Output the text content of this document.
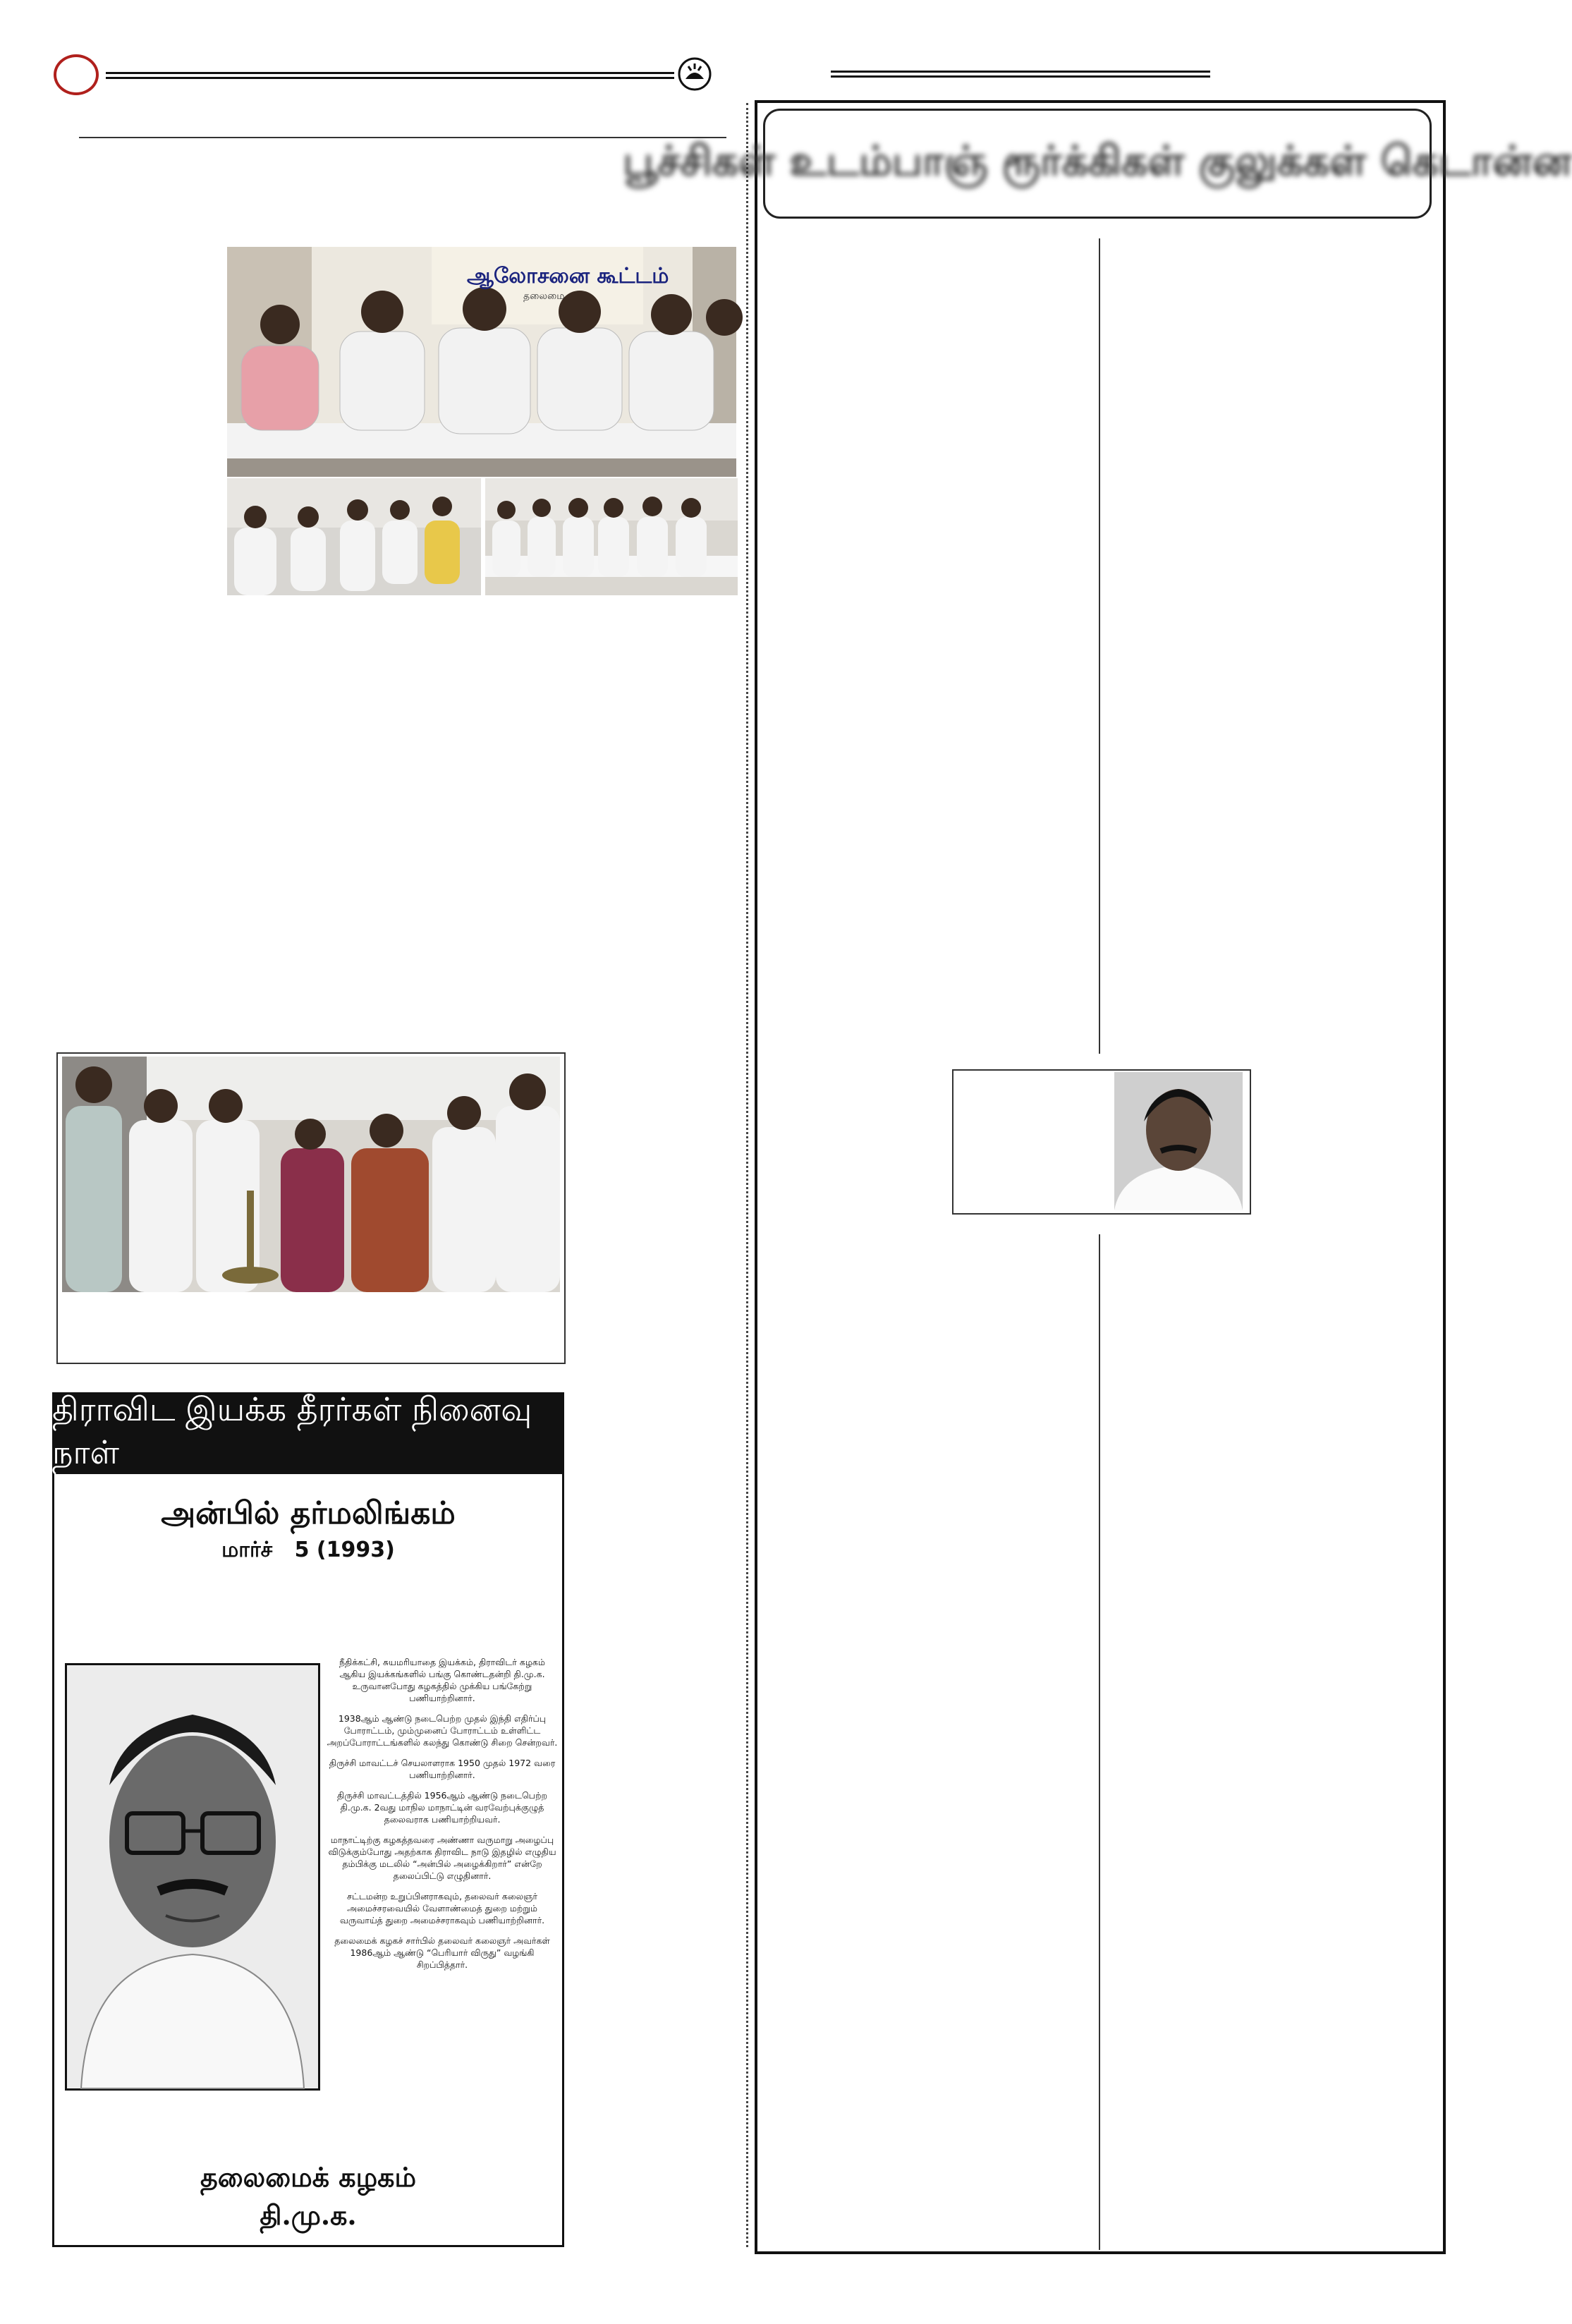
ஆலோசனை கூட்டம்
தலைமை
திராவிட இயக்க தீரர்கள் நினைவு நாள்
அன்பில் தர்மலிங்கம்
மார்ச்   5 (1993)

நீதிக்கட்சி, சுயமரியாதை இயக்கம், திராவிடர் கழகம் ஆகிய இயக்கங்களில் பங்கு கொண்டதன்றி தி.மு.க. உருவானபோது கழகத்தில் முக்கிய பங்கேற்று பணியாற்றினார்.

1938ஆம் ஆண்டு நடைபெற்ற முதல் இந்தி எதிர்ப்பு போராட்டம், மும்முனைப் போராட்டம் உள்ளிட்ட அறப்போராட்டங்களில் கலந்து கொண்டு சிறை சென்றவர்.

திருச்சி மாவட்டச் செயலாளராக 1950 முதல் 1972 வரை பணியாற்றினார்.

திருச்சி மாவட்டத்தில் 1956ஆம் ஆண்டு நடைபெற்ற தி.மு.க. 2வது மாநில மாநாட்டின் வரவேற்புக்குழுத் தலைவராக பணியாற்றியவர்.

மாநாட்டிற்கு கழகத்தவரை அண்ணா வருமாறு அழைப்பு விடுக்கும்போது அதற்காக திராவிட நாடு இதழில் எழுதிய தம்பிக்கு மடலில் “அன்பில் அழைக்கிறார்” என்றே தலைப்பிட்டு எழுதினார்.

சட்டமன்ற உறுப்பினராகவும், தலைவர் கலைஞர் அமைச்சரவையில் வேளாண்மைத் துறை மற்றும் வருவாய்த் துறை அமைச்சராகவும் பணியாற்றினார்.

தலைமைக் கழகச் சார்பில் தலைவர் கலைஞர் அவர்கள் 1986ஆம் ஆண்டு “பெரியார் விருது” வழங்கி சிறப்பித்தார்.

தலைமைக் கழகம்
தி.மு.க.
பூச்சிகள் உடம்பாஞ் ரூர்க்கிகள் குலுக்கள் கெடான்ன
